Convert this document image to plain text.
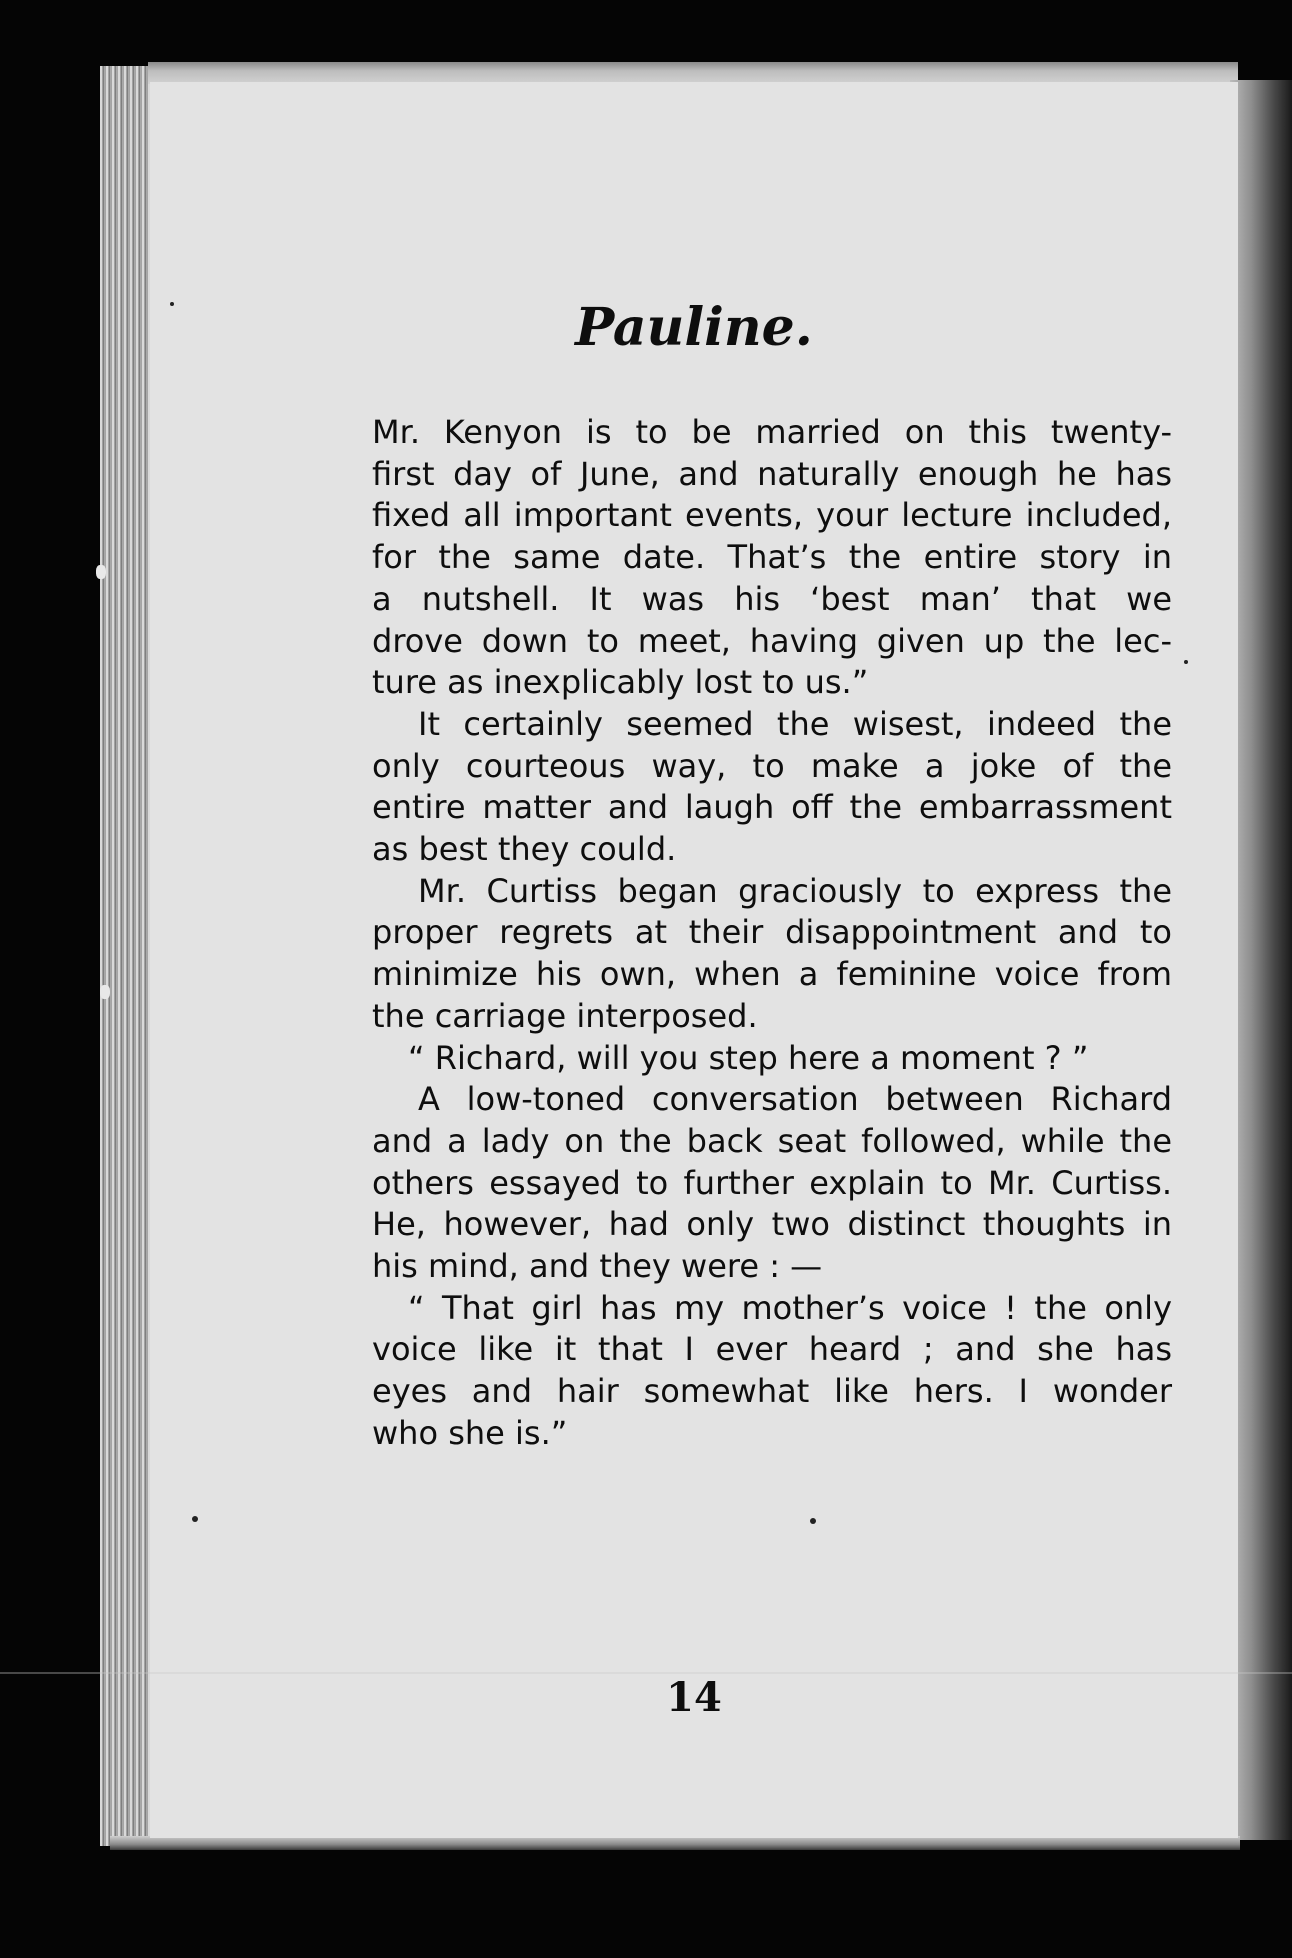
Pauline.

Mr. Kenyon is to be married on this twenty-
first day of June, and naturally enough he has
fixed all important events, your lecture included,
for the same date. That’s the entire story in
a nutshell. It was his ‘best man’ that we
drove down to meet, having given up the lec-
ture as inexplicably lost to us.”

It certainly seemed the wisest, indeed the
only courteous way, to make a joke of the
entire matter and laugh off the embarrassment
as best they could.

Mr. Curtiss began graciously to express the
proper regrets at their disappointment and to
minimize his own, when a feminine voice from
the carriage interposed.

“ Richard, will you step here a moment ? ”

A low-toned conversation between Richard
and a lady on the back seat followed, while the
others essayed to further explain to Mr. Curtiss.
He, however, had only two distinct thoughts in
his mind, and they were : —

“ That girl has my mother’s voice ! the only
voice like it that I ever heard ; and she has
eyes and hair somewhat like hers. I wonder
who she is.”

14
